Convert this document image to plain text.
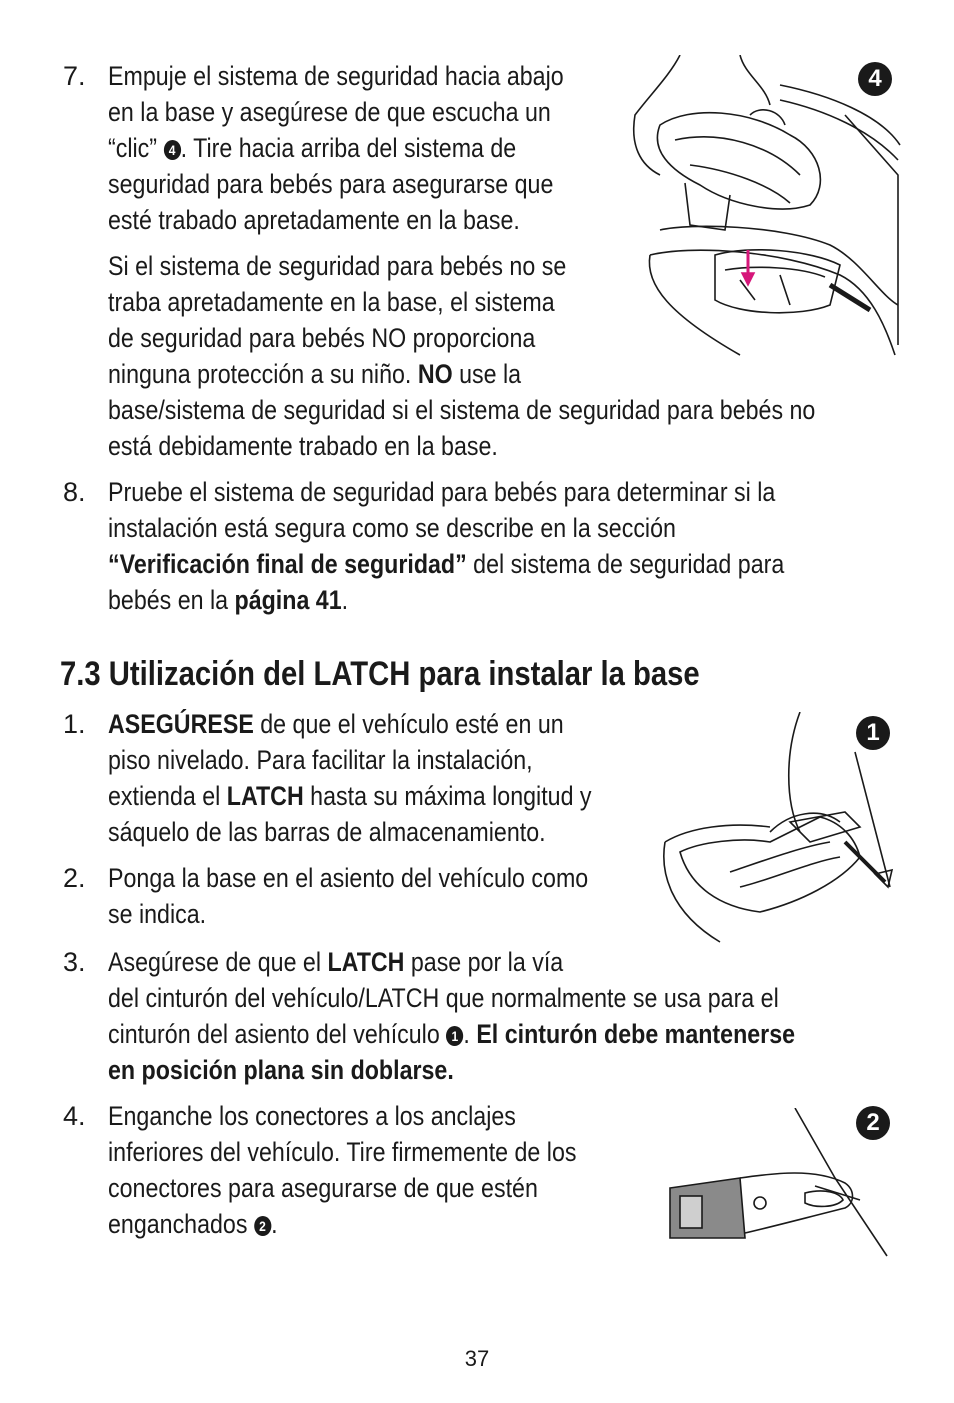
7. Empuje el sistema de seguridad hacia abajo
en la base y asegúrese de que escucha un
“clic” 4 . Tire hacia arriba del sistema de
seguridad para bebés para asegurarse que
esté trabado apretadamente en la base.
Si el sistema de seguridad para bebés no se
traba apretadamente en la base, el sistema
de seguridad para bebés NO proporciona
ninguna protección a su niño. NO use la
base/sistema de seguridad si el sistema de seguridad para bebés no
está debidamente trabado en la base.
8. Pruebe el sistema de seguridad para bebés para determinar si la
instalación está segura como se describe en la sección
“Verificación final de seguridad” del sistema de seguridad para
bebés en la página 41.
7.3 Utilización del LATCH para instalar la base
1. ASEGÚRESE de que el vehículo esté en un
piso nivelado. Para facilitar la instalación,
extienda el LATCH hasta su máxima longitud y
sáquelo de las barras de almacenamiento.
2. Ponga la base en el asiento del vehículo como
se indica.
3. Asegúrese de que el LATCH pase por la vía
del cinturón del vehículo/LATCH que normalmente se usa para el
cinturón del asiento del vehículo 1 . El cinturón debe mantenerse
en posición plana sin doblarse.
4. Enganche los conectores a los anclajes
inferiores del vehículo. Tire firmemente de los
conectores para asegurarse de que estén
enganchados 2 .
4
1
2
37
